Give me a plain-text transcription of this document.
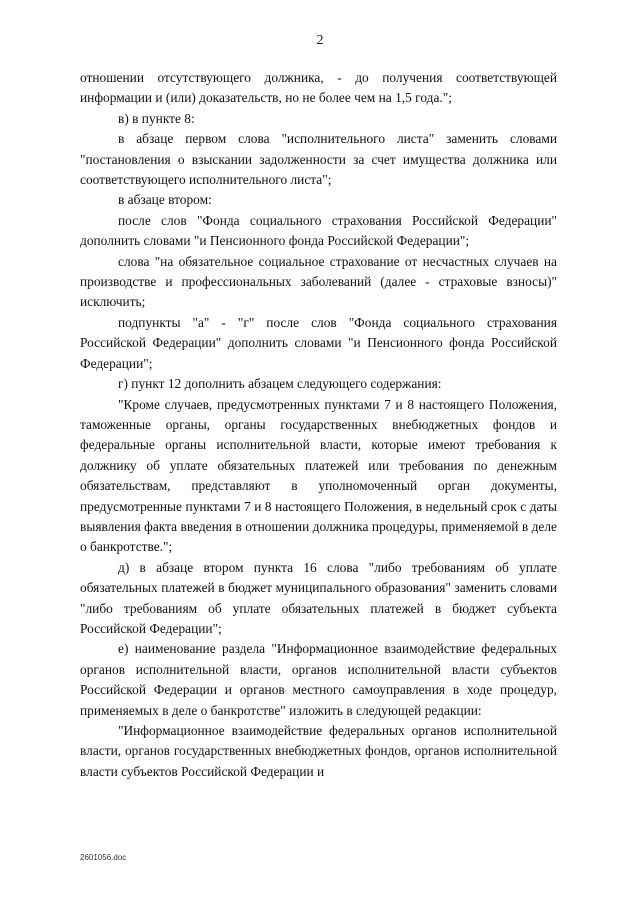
2

отношении отсутствующего должника, - до получения соответствующей информации и (или) доказательств, но не более чем на 1,5 года.";

в) в пункте 8:

в абзаце первом слова "исполнительного листа" заменить словами "постановления о взыскании задолженности за счет имущества должника или соответствующего исполнительного листа";

в абзаце втором:

после слов "Фонда социального страхования Российской Федерации" дополнить словами "и Пенсионного фонда Российской Федерации";

слова "на обязательное социальное страхование от несчастных случаев на производстве и профессиональных заболеваний (далее - страховые взносы)" исключить;

подпункты "а" - "г" после слов "Фонда социального страхования Российской Федерации" дополнить словами "и Пенсионного фонда Российской Федерации";

г) пункт 12 дополнить абзацем следующего содержания:

"Кроме случаев, предусмотренных пунктами 7 и 8 настоящего Положения, таможенные органы, органы государственных внебюджетных фондов и федеральные органы исполнительной власти, которые имеют требования к должнику об уплате обязательных платежей или требования по денежным обязательствам, представляют в уполномоченный орган документы, предусмотренные пунктами 7 и 8 настоящего Положения, в недельный срок с даты выявления факта введения в отношении должника процедуры, применяемой в деле о банкротстве.";

д) в абзаце втором пункта 16 слова "либо требованиям об уплате обязательных платежей в бюджет муниципального образования" заменить словами "либо требованиям об уплате обязательных платежей в бюджет субъекта Российской Федерации";

е) наименование раздела "Информационное взаимодействие федеральных органов исполнительной власти, органов исполнительной власти субъектов Российской Федерации и органов местного самоуправления в ходе процедур, применяемых в деле о банкротстве" изложить в следующей редакции:

"Информационное взаимодействие федеральных органов исполнительной власти, органов государственных внебюджетных фондов, органов исполнительной власти субъектов Российской Федерации и

2601056.doc
